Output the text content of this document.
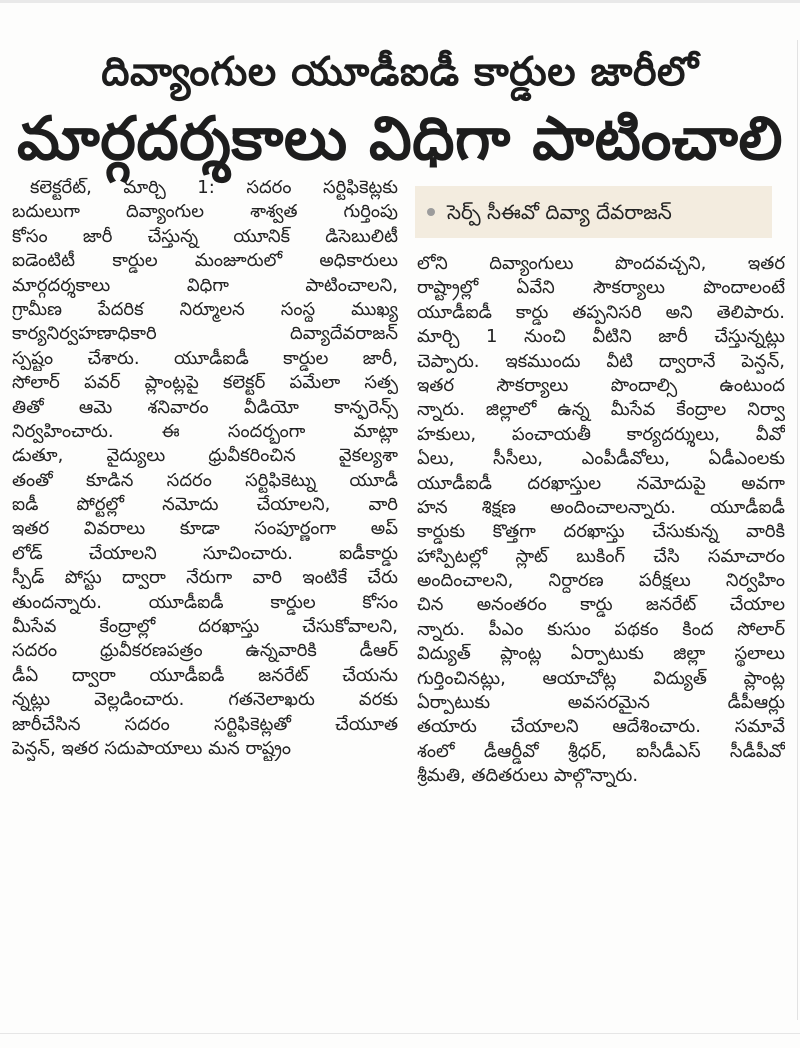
దివ్యాంగుల యూడీఐడీ కార్డుల జారీలో
మార్గదర్శకాలు విధిగా పాటించాలి
సెర్ప్ సీఈవో దివ్యా దేవరాజన్
కలెక్టరేట్, మార్చి 1: సదరం సర్టిఫికెట్లకు
బదులుగా దివ్యాంగుల శాశ్వత గుర్తింపు
కోసం జారీ చేస్తున్న యూనిక్ డిసెబులిటీ
ఐడెంటిటీ కార్డుల మంజూరులో అధికారులు
మార్గదర్శకాలు విధిగా పాటించాలని,
గ్రామీణ పేదరిక నిర్మూలన సంస్థ ముఖ్య
కార్యనిర్వహణాధికారి దివ్యాదేవరాజన్
స్పష్టం చేశారు. యూడీఐడీ కార్డుల జారీ,
సోలార్ పవర్ ప్లాంట్లపై కలెక్టర్ పమేలా సత్ప
తితో ఆమె శనివారం వీడియో కాన్ఫరెన్స్
నిర్వహించారు. ఈ సందర్భంగా మాట్లా
డుతూ, వైద్యులు ధ్రువీకరించిన వైకల్యశా
తంతో కూడిన సదరం సర్టిఫికెట్ను యూడీ
ఐడీ పోర్టల్లో నమోదు చేయాలని, వారి
ఇతర వివరాలు కూడా సంపూర్ణంగా అప్
లోడ్ చేయాలని సూచించారు. ఐడీకార్డు
స్పీడ్ పోస్టు ద్వారా నేరుగా వారి ఇంటికే చేరు
తుందన్నారు. యూడీఐడీ కార్డుల కోసం
మీసేవ కేంద్రాల్లో దరఖాస్తు చేసుకోవాలని,
సదరం ధ్రువీకరణపత్రం ఉన్నవారికి డీఆర్
డీఏ ద్వారా యూడీఐడీ జనరేట్ చేయను
న్నట్లు వెల్లడించారు. గతనెలాఖరు వరకు
జారీచేసిన సదరం సర్టిఫికెట్లతో చేయూత
పెన్షన్, ఇతర సదుపాయాలు మన రాష్ట్రం
లోని దివ్యాంగులు పొందవచ్చని, ఇతర
రాష్ట్రాల్లో ఏవేని సౌకర్యాలు పొందాలంటే
యూడీఐడీ కార్డు తప్పనిసరి అని తెలిపారు.
మార్చి 1 నుంచి వీటిని జారీ చేస్తున్నట్లు
చెప్పారు. ఇకముందు వీటి ద్వారానే పెన్షన్,
ఇతర సౌకర్యాలు పొందాల్సి ఉంటుంద
న్నారు. జిల్లాలో ఉన్న మీసేవ కేంద్రాల నిర్వా
హకులు, పంచాయతీ కార్యదర్శులు, వీవో
ఏలు, సీసీలు, ఎంపీడీవోలు, ఏడీఎంలకు
యూడీఐడీ దరఖాస్తుల నమోదుపై అవగా
హన శిక్షణ అందించాలన్నారు. యూడీఐడీ
కార్డుకు కొత్తగా దరఖాస్తు చేసుకున్న వారికి
హాస్పిటల్లో స్లాట్ బుకింగ్ చేసి సమాచారం
అందించాలని, నిర్ధారణ పరీక్షలు నిర్వహిం
చిన అనంతరం కార్డు జనరేట్ చేయాల
న్నారు. పీఎం కుసుం పథకం కింద సోలార్
విద్యుత్ ప్లాంట్ల ఏర్పాటుకు జిల్లా స్థలాలు
గుర్తించినట్లు, ఆయాచోట్ల విద్యుత్ ప్లాంట్ల
ఏర్పాటుకు అవసరమైన డీపీఆర్లు
తయారు చేయాలని ఆదేశించారు. సమావే
శంలో డీఆర్డీవో శ్రీధర్, ఐసీడీఎస్ సీడీపీవో
శ్రీమతి, తదితరులు పాల్గొన్నారు.
